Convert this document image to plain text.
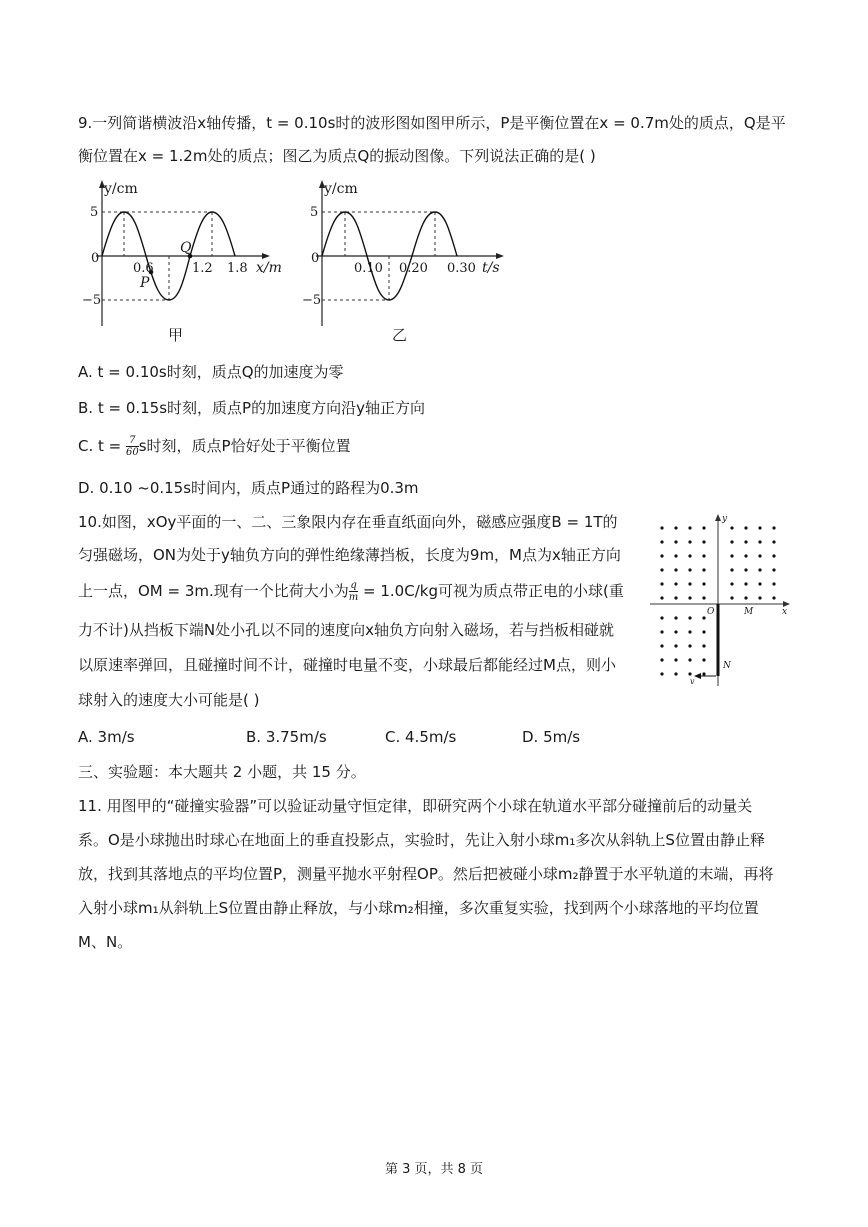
9.一列简谐横波沿x轴传播，t = 0.10s时的波形图如图甲所示，P是平衡位置在x = 0.7m处的质点，Q是平
衡位置在x = 1.2m处的质点；图乙为质点Q的振动图像。下列说法正确的是( )
y/cm
5
−5
0
0.6	1.2 1.8 x/m
P
Q
甲
y/cm
5
−5
0
0.10 0.20 0.30 t/s
乙
A. t = 0.10s时刻，质点Q的加速度为零
B. t = 0.15s时刻，质点P的加速度方向沿y轴正方向
C. $t = \frac{7}{60}$ s时刻，质点P恰好处于平衡位置
D. 0.10 ~0.15s时间内，质点P通过的路程为0.3m
10.如图，xOy平面的一、二、三象限内存在垂直纸面向外，磁感应强度B = 1T的
匀强磁场，ON为处于y轴负方向的弹性绝缘薄挡板，长度为9m，M点为x轴正方向
上一点，OM = 3m.现有一个比荷大小为 $\frac{q}{m} = 1.0C/kg$可视为质点带正电的小球(重
力不计)从挡板下端N处小孔以不同的速度向x轴负方向射入磁场，若与挡板相碰就
以原速率弹回，且碰撞时间不计，碰撞时电量不变，小球最后都能经过M点，则小
球射入的速度大小可能是( )
y
x
O	M
N
v
A. 3m/s	B. 3.75m/s	C. 4.5m/s	D. 5m/s
三、实验题：本大题共 2 小题，共 15 分。
11. 用图甲的“碰撞实验器”可以验证动量守恒定律，即研究两个小球在轨道水平部分碰撞前后的动量关
系。O是小球抛出时球心在地面上的垂直投影点，实验时，先让入射小球m₁多次从斜轨上S位置由静止释
放，找到其落地点的平均位置P，测量平抛水平射程OP。然后把被碰小球m₂静置于水平轨道的末端，再将
入射小球m₁从斜轨上S位置由静止释放，与小球m₂相撞，多次重复实验，找到两个小球落地的平均位置
M、N。
第 3 页，共 8 页
